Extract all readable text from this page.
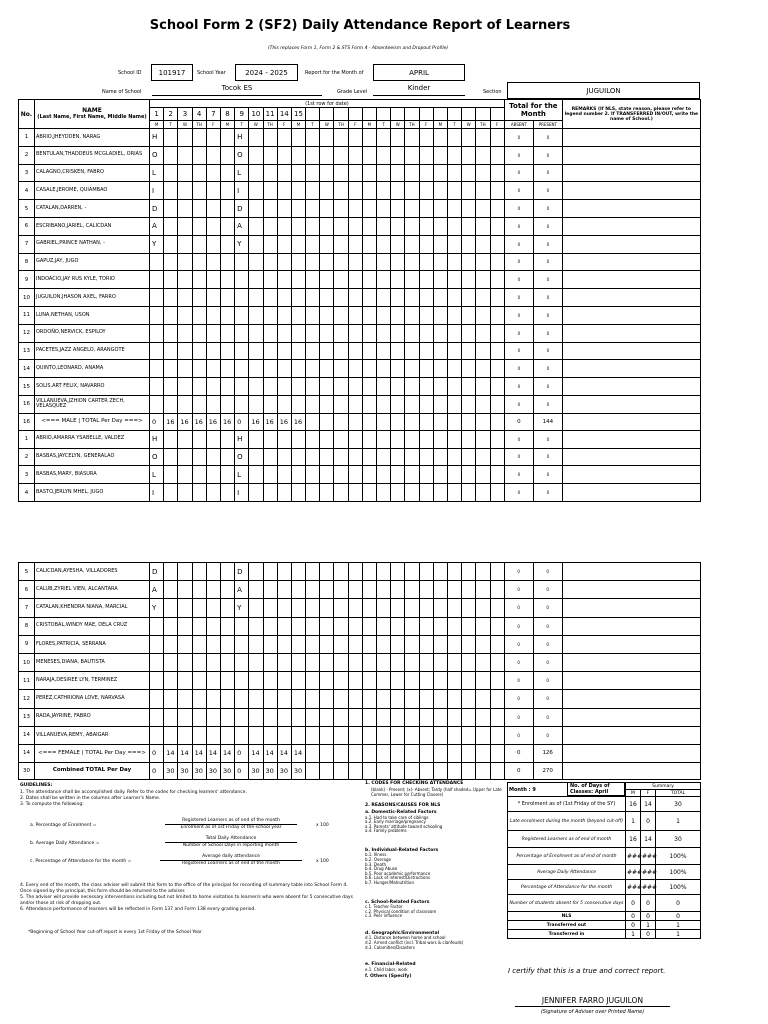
School Form 2 (SF2) Daily Attendance Report of Learners
(This replaces Form 1, Form 2 & STS Form 4 - Absenteeism and Dropout Profile)
School ID	101917	School Year	2024 - 2025	Report for the Month of	APRIL
Name of School	Tocok ES	Grade Level	Kinder	Section	JUGUILON
No.	NAME
(Last Name, First Name, Middle Name)	(1st row for date)																									Total for the Month		REMARKS (If NLS, state reason, please refer to legend number 2. If TRANSFERRED IN/OUT, write the name of School.)
		1	2	3	4	7	8	9	10	11	14	15																	
		M	T	W	TH	F	M	T	W	TH	F	M	T	W	TH	F	M	T	W	TH	F	M	T	W	TH	F	ABSENT	PRESENT	
1	ABRIO,JHEYDDEN, NARAG	H						H																			0	0	
2	BENTULAN,THADDEUS MCGLADIEL, ORIAS	O						O																			0	0	
3	CALAGNO,CRISKEN, FABRO	L						L																			0	0	
4	CASALE,JEROME, QUIAMBAO	I						I																			0	0	
5	CATALAN,DARREN, -	D						D																			0	0	
6	ESCRIBANO,JARIEL, CALICDAN	A						A																			0	0	
7	GABRIEL,PRINCE NATHAN, -	Y						Y																			0	0	
8	GAPUZ,JAY, JUGO																										0	0	
9	INDOACIO,JAY RUS KYLE, TORIO																										0	0	
10	JUGUILON,JHASON AXEL, FARRO																										0	0	
11	LUNA,NETHAN, USON																										0	0	
12	ORDOÑO,NERVICK, ESPILOY																										0	0	
13	PACETES,JAZZ ANGELO, ARANGOTE																										0	0	
14	QUINTO,LEONARD, ANAMA																										0	0	
15	SOLIS,ART FELIX, NAVARRO																										0	0	
16	VILLANUEVA,JZHION CARTER ZECH, VELASQUEZ																										0	0	
16	<=== MALE | TOTAL Per Day ===>	0	16	16	16	16	16	0	16	16	16	16															0	144	
1	ABRIO,AMARRA YSABELLE, VALDEZ	H						H																			0	0	
2	BASBAS,JAYCELYN, GENERALAO	O						O																			0	0	
3	BASBAS,MARY, BIASURA	L						L																			0	0	
4	BASTO,JERLYN MHEL, JUGO	I						I																			0	0	
5	CALICDAN,AYESHA, VILLADORES	D						D																			0	0	
6	CALUB,ZYRIEL VIEN, ALCANTARA	A						A																			0	0	
7	CATALAN,KHENDRA NIANA, MARCIAL	Y						Y																			0	0	
8	CRISTOBAL,WINDY MAE, DELA CRUZ																										0	0	
9	FLORES,PATRICIA, SERRANA																										0	0	
10	MENESES,DIANA, BAUTISTA																										0	0	
11	NARAJA,DESIREE LYN, TERMINEZ																										0	0	
12	PEREZ,CATHRIONA LOVE, NARVASA																										0	0	
13	RADA,JAYRINE, FABRO																										0	0	
14	VILLANUEVA,REMY, ABAIGAR																										0	0	
14	<=== FEMALE | TOTAL Per Day ===>	0	14	14	14	14	14	0	14	14	14	14															0	126	
30	Combined TOTAL Per Day	0	30	30	30	30	30	0	30	30	30	30															0	270	
GUIDELINES:
1. The attendance shall be accomplished daily. Refer to the codes for checking learners' attendance.
2. Dates shall be written in the columns after Learner's Name.
3. To compute the following:
a. Percentage of Enrolment =
Registered Learners as of end of the month
Enrolment as of 1st Friday of the school year	x 100
b. Average Daily Attendance =
Total Daily Attendance
Number of School Days in reporting month
c. Percentage of Attendance for the month =
Average daily attendance
Registered Learners as of end of the month	x 100
4. Every end of the month, the class adviser will submit this form to the office of the principal for recording of summary table into School Form 4. Once signed by the principal, this form should be returned to the adviser.
5. The adviser will provide necessary interventions including but not limited to home visitation to learner/s who were absent for 5 consecutive days and/or those at risk of dropping out.
6. Attendance performance of learners will be reflected in Form 137 and Form 138 every grading period.
*Beginning of School Year cut-off report is every 1st Friday of the School Year
1. CODES FOR CHECKING ATTENDANCE
(blank) - Present; (x)- Absent; Tardy (half shaded= Upper for Late Commer, Lower for Cutting Classes)
2. REASONS/CAUSES FOR NLS
a. Domestic-Related Factors
a.1. Had to take care of siblings
a.2. Early marriage/pregnancy
a.3. Parents' attitude toward schooling
a.4. Family problems
b. Individual-Related Factors
b.1. Illness
b.2. Overage
b.3. Death
b.4. Drug Abuse
b.5. Poor academic performance
b.6. Lack of interest/Distractions
b.7. Hunger/Malnutrition
c. School-Related Factors
c.1. Teacher Factor
c.2. Physical condition of classroom
c.3. Peer influence
d. Geographic/Environmental
d.1. Distance between home and school
d.2. Armed conflict (incl. Tribal wars & clanfeuds)
d.3. Calamities/Disasters
e. Financial-Related
e.1. Child labor, work
f. Others (Specify)
Month : 9	Summary		
	M	F	TOTAL
* Enrolment as of (1st Friday of the SY)	16	14	30
Late enrolment during the month (beyond cut-off)	1	0	1
Registered Learners as of end of month	16	14	30
Percentage of Enrolment as of end of month	###	###	100%
Average Daily Attendance	###	###	100%
Percentage of Attendance for the month	###	###	100%
Number of students absent for 5 consecutive days	0	0	0
NLS	0	0	0
Transferred out	0	1	1
Transferred in	1	0	1
No. of Days of Classes: April
I certify that this is a true and correct report.
JENNIFER FARRO JUGUILON
(Signature of Adviser over Printed Name)
